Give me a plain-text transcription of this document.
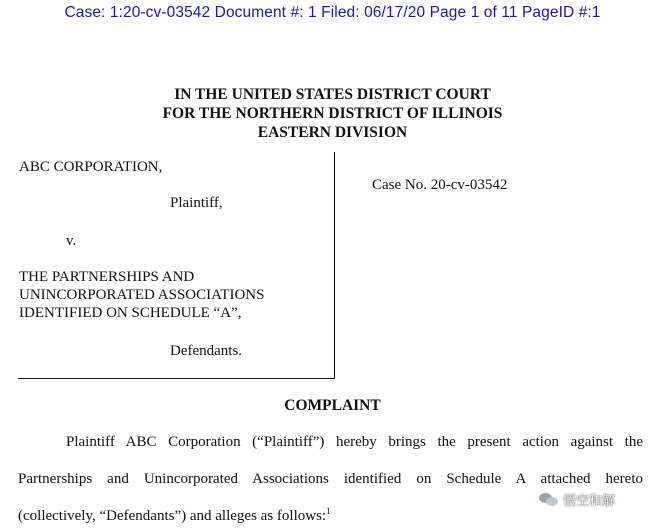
Case: 1:20-cv-03542 Document #: 1 Filed: 06/17/20 Page 1 of 11 PageID #:1
IN THE UNITED STATES DISTRICT COURT
FOR THE NORTHERN DISTRICT OF ILLINOIS
EASTERN DIVISION
ABC CORPORATION,
Plaintiff,
v.
THE PARTNERSHIPS AND
UNINCORPORATED ASSOCIATIONS
IDENTIFIED ON SCHEDULE “A”,
Defendants.
Case No. 20-cv-03542
COMPLAINT
Plaintiff ABC Corporation (“Plaintiff”) hereby brings the present action against the
Partnerships and Unincorporated Associations identified on Schedule A attached hereto
(collectively, “Defendants”) and alleges as follows:$^1$
悟空和解
